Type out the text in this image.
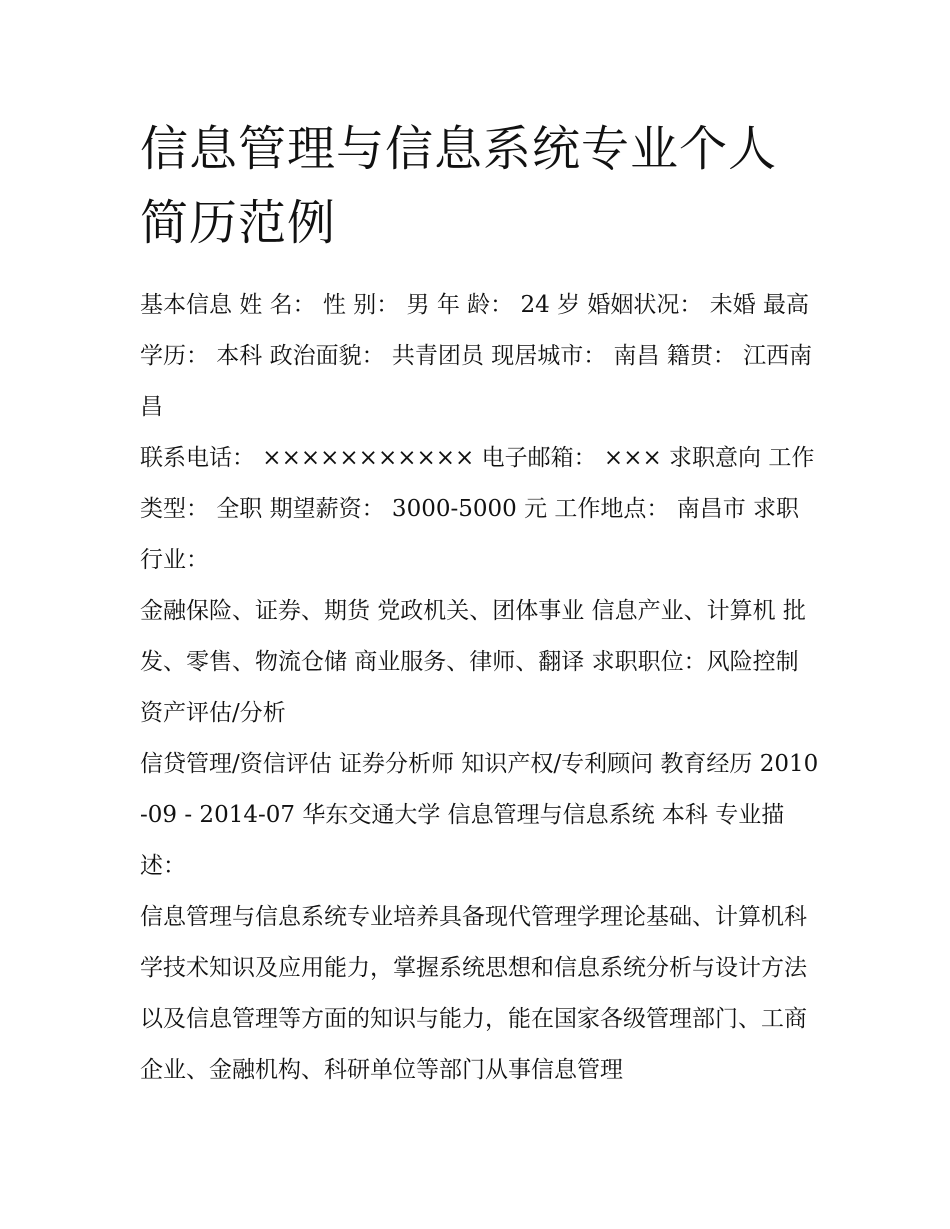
信息管理与信息系统专业个人简历范例

基本信息 姓 名： 性 别： 男 年 龄： 24 岁 婚姻状况： 未婚 最高学历： 本科 政治面貌： 共青团员 现居城市： 南昌 籍贯： 江西南昌

联系电话： ××××××××××× 电子邮箱： ××× 求职意向 工作类型： 全职 期望薪资： 3000-5000 元 工作地点： 南昌市 求职行业：

金融保险、证券、期货 党政机关、团体事业 信息产业、计算机 批发、零售、物流仓储 商业服务、律师、翻译 求职职位：风险控制 资产评估/分析

信贷管理/资信评估 证券分析师 知识产权/专利顾问 教育经历 2010-09 - 2014-07 华东交通大学 信息管理与信息系统 本科 专业描述：

信息管理与信息系统专业培养具备现代管理学理论基础、计算机科学技术知识及应用能力，掌握系统思想和信息系统分析与设计方法以及信息管理等方面的知识与能力，能在国家各级管理部门、工商企业、金融机构、科研单位等部门从事信息管理
